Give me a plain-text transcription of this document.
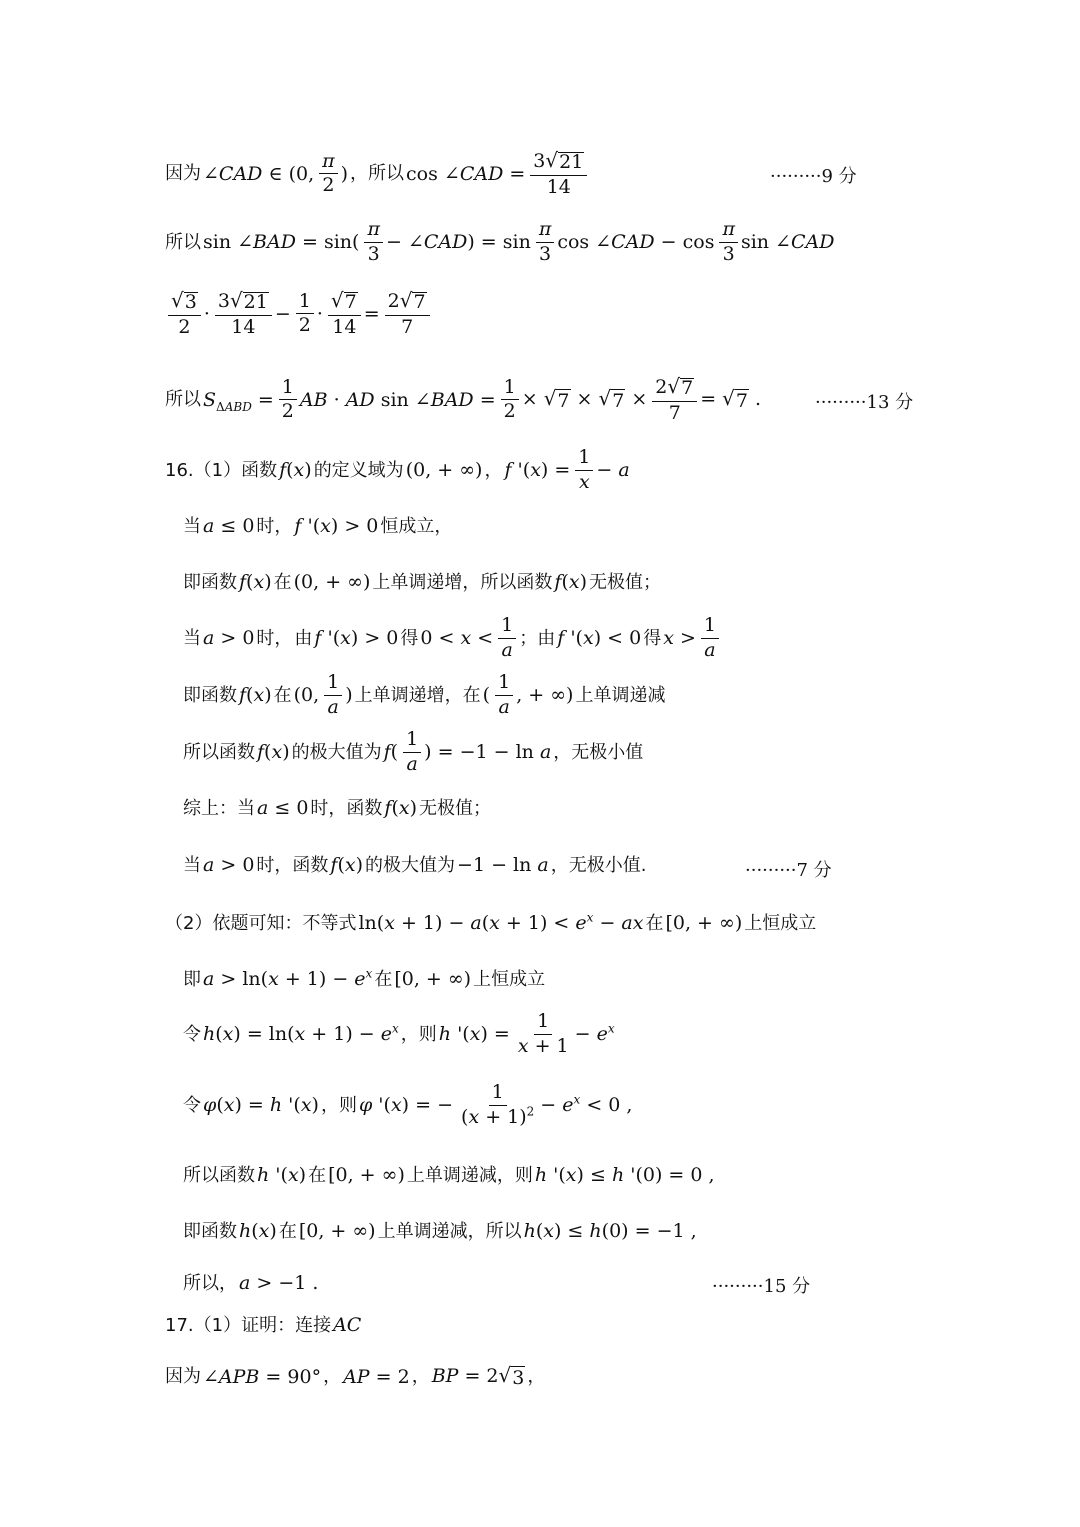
因为 ∠CAD ∈ (0, $\frac{\pi}{2}$ ) ，所以 cos ∠CAD = $\frac{3 √ 21}{14}$	·········9 分
所以 sin ∠BAD = $\sin( \frac{\pi}{3}$ − ∠CAD) = $\sin \frac{\pi}{3}$ cos ∠CAD − $\cos \frac{\pi}{3}$ sin ∠CAD
$\frac{√ 3}{2} \cdot \frac{3 √ 21}{14} - \frac{1}{2} \cdot \frac{√ 7}{14} = \frac{2 √ 7}{7}$
所以 $S_{\Delta ABD} = \frac{1}{2}$ AB · AD sin ∠BAD = $\frac{1}{2}$ × √ 7 × √ $7 \times \frac{2 √ 7}{7}$ = √ 7 .	·········13 分
16.（1）函数 f(x) 的定义域为 (0, + ∞) ， f '$(x) = \frac{1}{x} - a$
当 a ≤ 0 时， f '(x) > 0 恒成立，
即函数 f(x) 在 (0, + ∞) 上单调递增，所以函数 f(x) 无极值；
当 a > 0 时， 由 f '(x) > 0 得 $0 < x < \frac{1}{a}$ ；由 f '(x) < 0 得 $x > \frac{1}{a}$
即函数 f(x) 在 (0, $\frac{1}{a}$ ) 上单调递增，在 ( $\frac{1}{a}$ , + ∞) 上单调递减
所以函数 f(x) 的极大值为 $f( \frac{1}{a}$ ) = −1 − ln a ，无极小值
综上：当 a ≤ 0 时，函数 f(x) 无极值；
当 a > 0 时，函数 f(x) 的极大值为 −1 − ln a ，无极小值.	·········7 分
（2）依题可知：不等式 $\ln(x + 1) - a(x + 1) < e^x$ − ax 在 [0, + ∞) 上恒成立
即 $a > \ln(x + 1) - e^x$ 在 [0, + ∞) 上恒成立
令 $h(x) = \ln(x + 1) - e^x$ ，则 h '$(x) = \frac{1}{x + 1} - e^x$
令 φ(x) = h '(x) ，则 φ '(x) = − $\frac{1}{(x + 1)^2} - e^x < 0$ ,
所以函数 h '(x) 在 [0, + ∞) 上单调递减，则 h '(x) ≤ h '(0) = 0 ,
即函数 h(x) 在 [0, + ∞) 上单调递减，所以 h(x) ≤ h(0) = −1 ,
所以， a > −1 .	·········15 分
17.（1）证明：连接 AC
因为 ∠APB = 90° ， AP = 2 ， BP = 2 √ 3 ，
